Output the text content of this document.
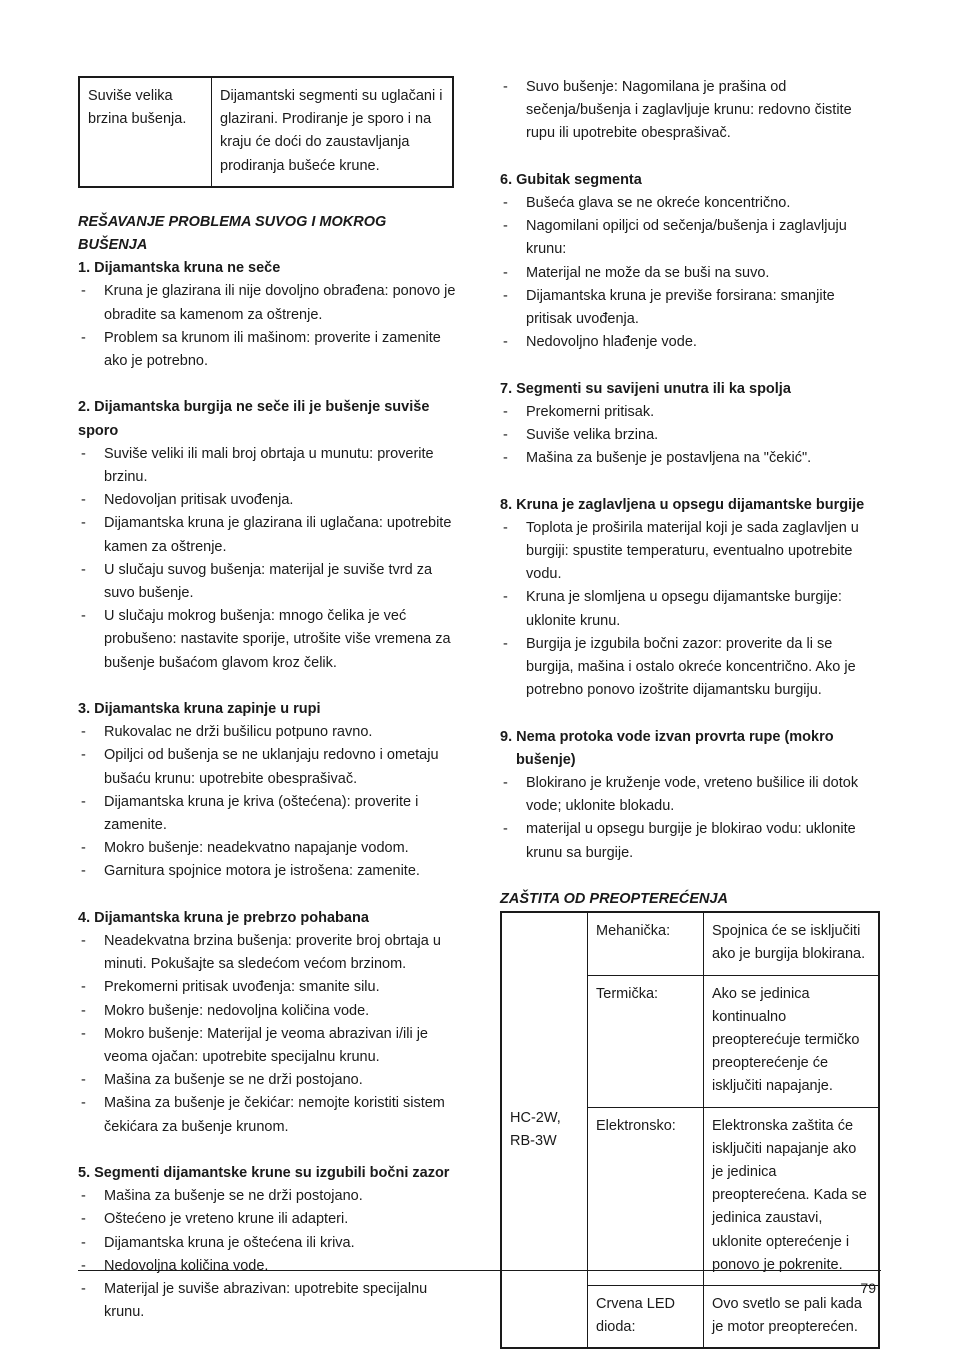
Suviše velika brzina bušenja.	Dijamantski segmenti su uglačani i glazirani. Prodiranje je sporo i na kraju će doći do zaustavljanja prodiranja bušeće krune.

REŠAVANJE PROBLEMA SUVOG I MOKROG BUŠENJA

1. Dijamantska kruna ne seče

- Kruna je glazirana ili nije dovoljno obrađena: ponovo je obradite sa kamenom za oštrenje.
- Problem sa krunom ili mašinom: proverite i zamenite ako je potrebno.

2. Dijamantska burgija ne seče ili je bušenje suviše sporo

- Suviše veliki ili mali broj obrtaja u munutu: proverite brzinu.
- Nedovoljan pritisak uvođenja.
- Dijamantska kruna je glazirana ili uglačana: upotrebite kamen za oštrenje.
- U slučaju suvog bušenja: materijal je suviše tvrd za suvo bušenje.
- U slučaju mokrog bušenja: mnogo čelika je već probušeno: nastavite sporije, utrošite više vremena za bušenje bušaćom glavom kroz čelik.

3. Dijamantska kruna zapinje u rupi

- Rukovalac ne drži bušilicu potpuno ravno.
- Opiljci od bušenja se ne uklanjaju redovno i ometaju bušaću krunu: upotrebite obesprašivač.
- Dijamantska kruna je kriva (oštećena): proverite i zamenite.
- Mokro bušenje: neadekvatno napajanje vodom.
- Garnitura spojnice motora je istrošena: zamenite.

4. Dijamantska kruna je prebrzo pohabana

- Neadekvatna brzina bušenja: proverite broj obrtaja u minuti. Pokušajte sa sledećom većom brzinom.
- Prekomerni pritisak uvođenja: smanite silu.
- Mokro bušenje: nedovoljna količina vode.
- Mokro bušenje: Materijal je veoma abrazivan i/ili je veoma ojačan: upotrebite specijalnu krunu.
- Mašina za bušenje se ne drži postojano.
- Mašina za bušenje je čekićar: nemojte koristiti sistem čekićara za bušenje krunom.

5. Segmenti dijamantske krune su izgubili bočni zazor

- Mašina za bušenje se ne drži postojano.
- Oštećeno je vreteno krune ili adapteri.
- Dijamantska kruna je oštećena ili kriva.
- Nedovoljna količina vode.
- Materijal je suviše abrazivan: upotrebite specijalnu krunu.
- Suvo bušenje: Nagomilana je prašina od sečenja/bušenja i zaglavljuje krunu: redovno čistite rupu ili upotrebite obesprašivač.

6. Gubitak segmenta

- Bušeća glava se ne okreće koncentrično.
- Nagomilani opiljci od sečenja/bušenja i zaglavljuju krunu:
- Materijal ne može da se buši na suvo.
- Dijamantska kruna je previše forsirana: smanjite pritisak uvođenja.
- Nedovoljno hlađenje vode.

7. Segmenti su savijeni unutra ili ka spolja

- Prekomerni pritisak.
- Suviše velika brzina.
- Mašina za bušenje je postavljena na "čekić".

8. Kruna je zaglavljena u opsegu dijamantske burgije

- Toplota je proširila materijal koji je sada zaglavljen u burgiji: spustite temperaturu, eventualno upotrebite vodu.
- Kruna je slomljena u opsegu dijamantske burgije: uklonite krunu.
- Burgija je izgubila bočni zazor: proverite da li se burgija, mašina i ostalo okreće koncentrično. Ako je potrebno ponovo izoštrite dijamantsku burgiju.

9. Nema protoka vode izvan provrta rupe (mokro bušenje)

- Blokirano je kruženje vode, vreteno bušilice ili dotok vode; uklonite blokadu.
- materijal u opsegu burgije je blokirao vodu: uklonite krunu sa burgije.

ZAŠTITA OD PREOPTEREĆENJA

HC-2W, RB-3W	Mehanička:	Spojnica će se isključiti ako je burgija blokirana.
	Termička:	Ako se jedinica kontinualno preopterećuje termičko preopterećenje će isključiti napajanje.
	Elektronsko:	Elektronska zaštita će isključiti napajanje ako je jedinica preopterećena. Kada se jedinica zaustavi, uklonite opterećenje i ponovo je pokrenite.
	Crvena LED dioda:	Ovo svetlo se pali kada je motor preopterećen.
79
